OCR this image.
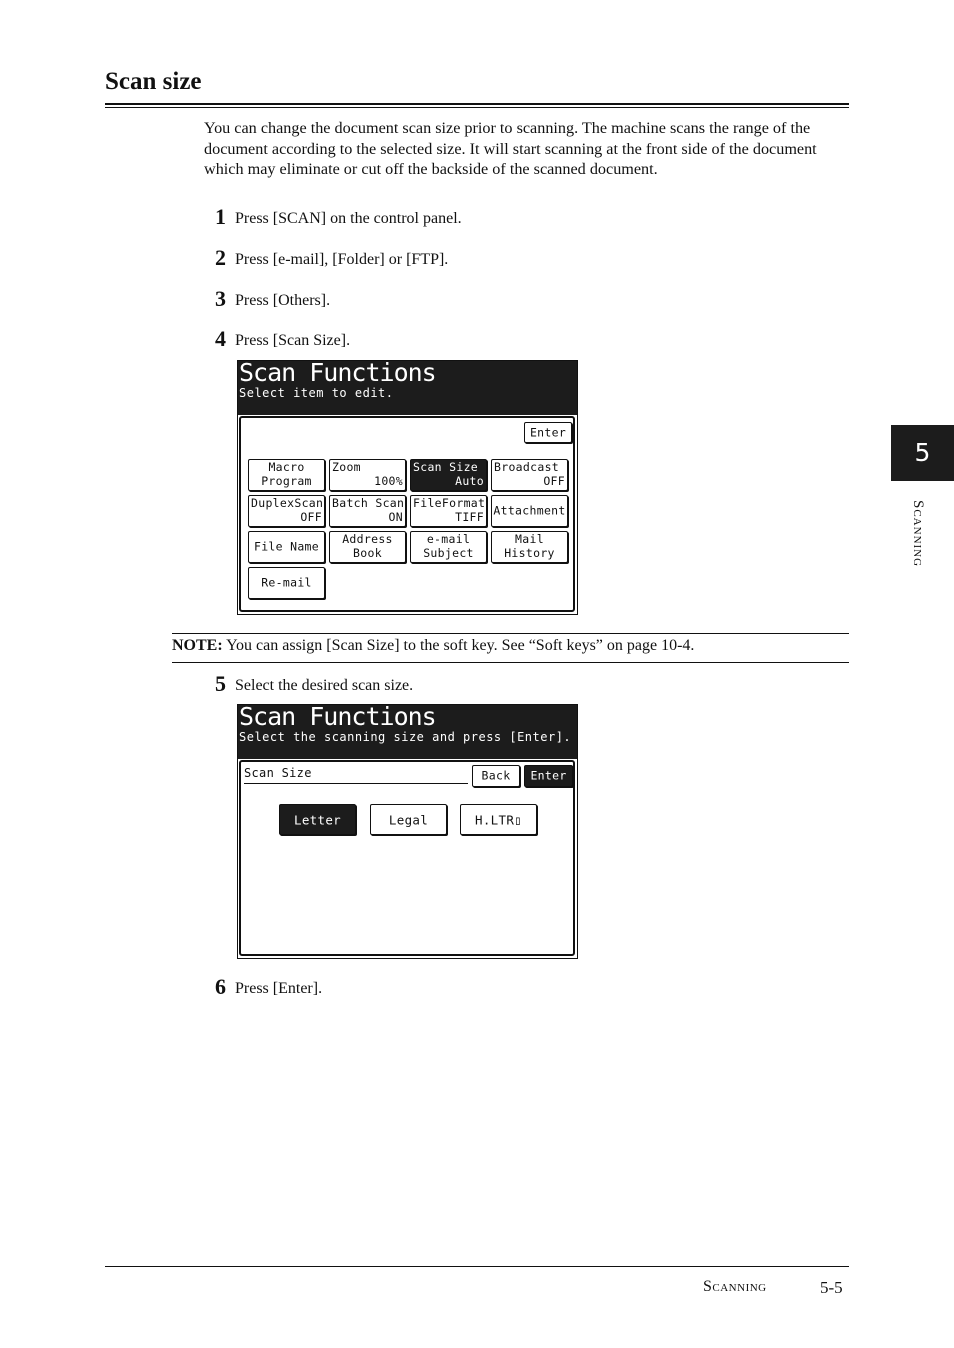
Scan size

You can change the document scan size prior to scanning. The machine scans the range of the document according to the selected size. It will start scanning at the front side of the document which may eliminate or cut off the backside of the scanned document.

1 Press [SCAN] on the control panel.
2 Press [e-mail], [Folder] or [FTP].
3 Press [Others].
4 Press [Scan Size].
Scan Functions
Select item to edit.
Enter
Macro
Program
Zoom
100%
Scan Size
Auto
Broadcast
OFF
DuplexScan
OFF
Batch Scan
ON
FileFormat
TIFF Attachment
File Name
Address
Book
e-mail
Subject
Mail
History
Re-mail
NOTE: You can assign [Scan Size] to the soft key. See “Soft keys” on page 10-4.
5 Select the desired scan size.
Scan Functions
Select the scanning size and press [Enter].
Scan Size	Back	Enter
Letter	Legal	H.LTR▯
6 Press [Enter].
5
Scanning
Scanning	5-5
